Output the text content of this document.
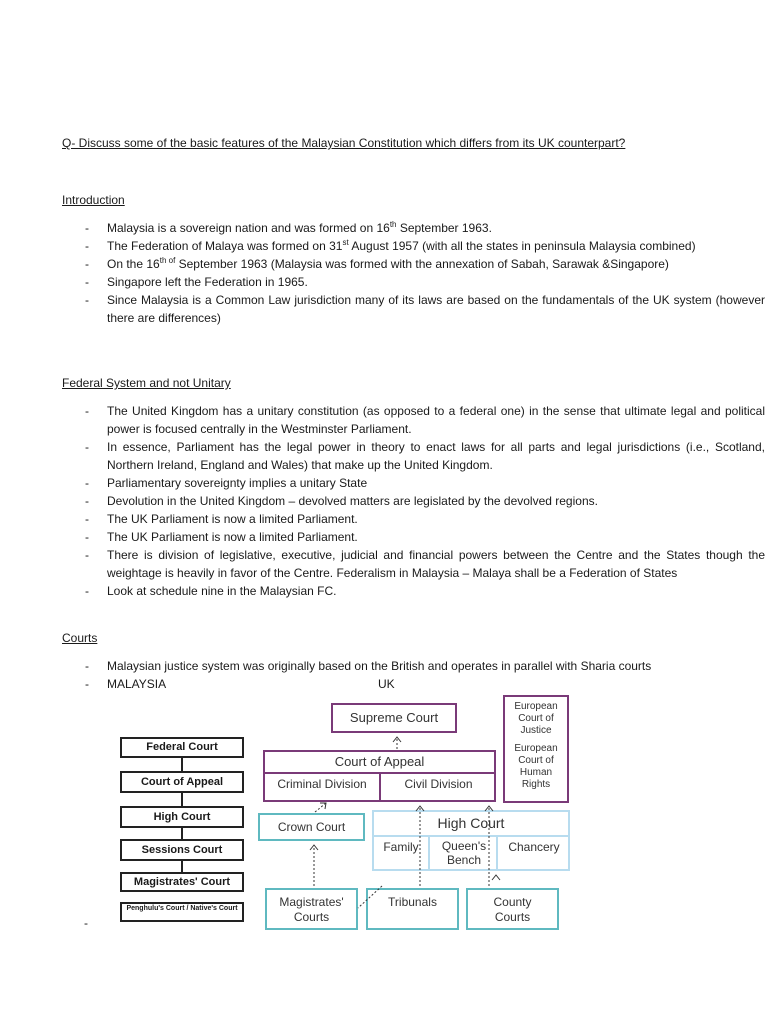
Q- Discuss some of the basic features of the Malaysian Constitution which differs from its UK counterpart?
Introduction
- Malaysia is a sovereign nation and was formed on 16th September 1963.
- The Federation of Malaya was formed on 31st August 1957 (with all the states in peninsula Malaysia combined)
- On the $16^{th of}$ September 1963 (Malaysia was formed with the annexation of Sabah, Sarawak &Singapore)
- Singapore left the Federation in 1965.
- Since Malaysia is a Common Law jurisdiction many of its laws are based on the fundamentals of the UK system (however there are differences)
Federal System and not Unitary
- The United Kingdom has a unitary constitution (as opposed to a federal one) in the sense that ultimate legal and political power is focused centrally in the Westminster Parliament.
- In essence, Parliament has the legal power in theory to enact laws for all parts and legal jurisdictions (i.e., Scotland, Northern Ireland, England and Wales) that make up the United Kingdom.
- Parliamentary sovereignty implies a unitary State
- Devolution in the United Kingdom – devolved matters are legislated by the devolved regions.
- The UK Parliament is now a limited Parliament.
- The UK Parliament is now a limited Parliament.
- There is division of legislative, executive, judicial and financial powers between the Centre and the States though the weightage is heavily in favor of the Centre. Federalism in Malaysia – Malaya shall be a Federation of States
- Look at schedule nine in the Malaysian FC.
Courts
- Malaysian justice system was originally based on the British and operates in parallel with Sharia courts
- MALAYSIA	UK
-
Federal Court
Court of Appeal
High Court
Sessions Court
Magistrates' Court
Penghulu's Court / Native's Court
Supreme Court
European
Court of
Justice
European
Court of
Human
Rights
Court of Appeal
Criminal Division	Civil Division
Crown Court	High Court
Family	Queen's
Bench
Chancery
Magistrates'
Courts
Tribunals	County
Courts
